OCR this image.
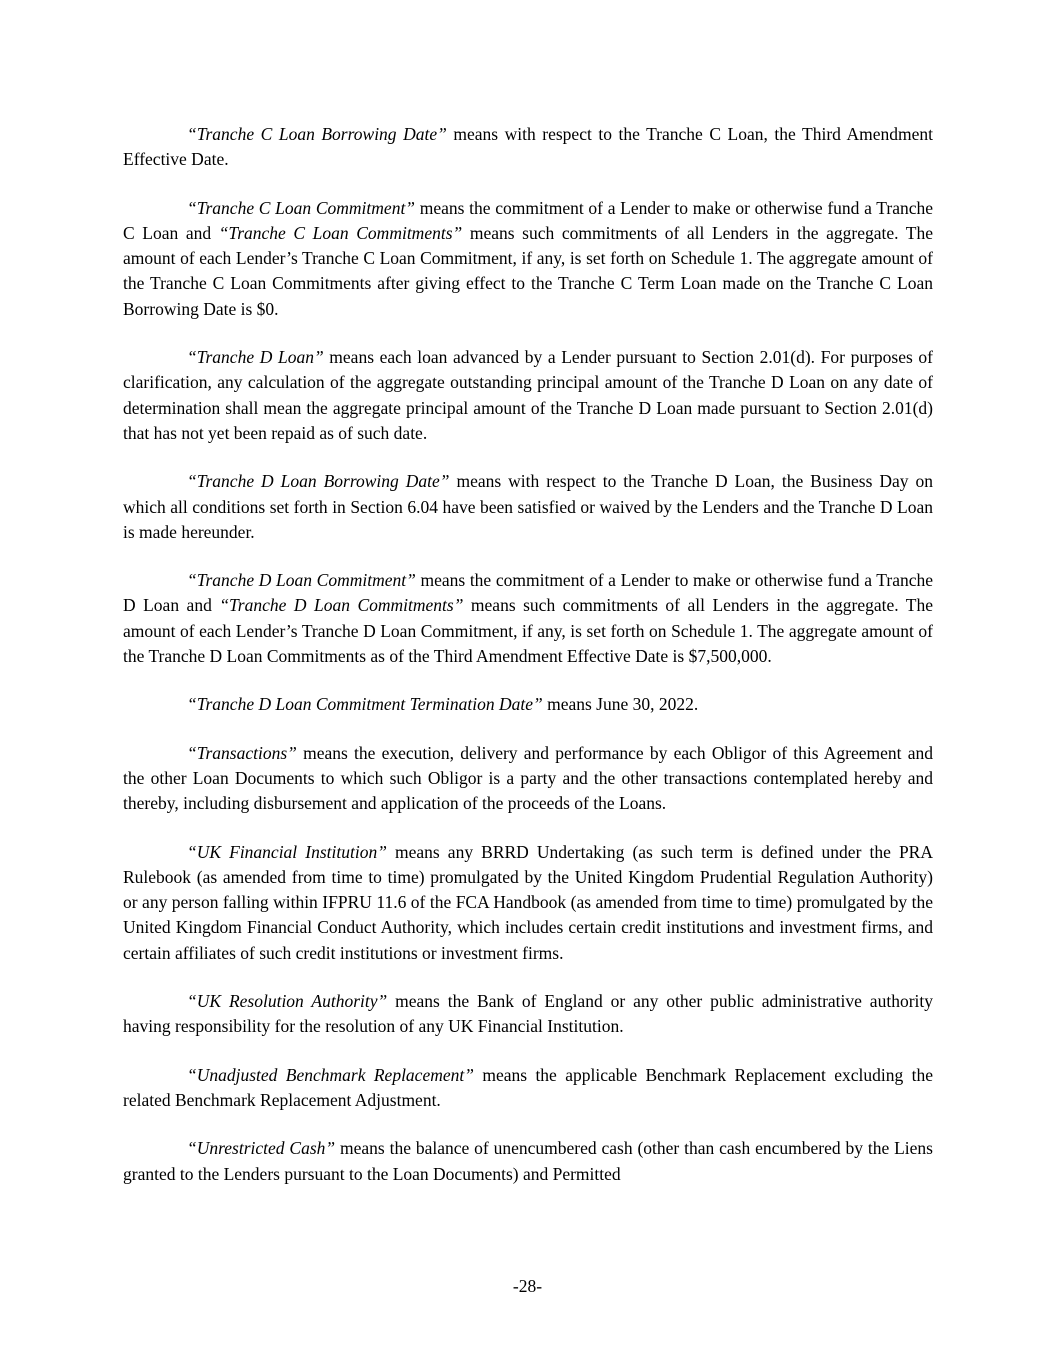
“Tranche C Loan Borrowing Date” means with respect to the Tranche C Loan, the Third Amendment Effective Date.

“Tranche C Loan Commitment” means the commitment of a Lender to make or otherwise fund a Tranche C Loan and “Tranche C Loan Commitments” means such commitments of all Lenders in the aggregate. The amount of each Lender’s Tranche C Loan Commitment, if any, is set forth on Schedule 1. The aggregate amount of the Tranche C Loan Commitments after giving effect to the Tranche C Term Loan made on the Tranche C Loan Borrowing Date is $0.

“Tranche D Loan” means each loan advanced by a Lender pursuant to Section 2.01(d). For purposes of clarification, any calculation of the aggregate outstanding principal amount of the Tranche D Loan on any date of determination shall mean the aggregate principal amount of the Tranche D Loan made pursuant to Section 2.01(d) that has not yet been repaid as of such date.

“Tranche D Loan Borrowing Date” means with respect to the Tranche D Loan, the Business Day on which all conditions set forth in Section 6.04 have been satisfied or waived by the Lenders and the Tranche D Loan is made hereunder.

“Tranche D Loan Commitment” means the commitment of a Lender to make or otherwise fund a Tranche D Loan and “Tranche D Loan Commitments” means such commitments of all Lenders in the aggregate. The amount of each Lender’s Tranche D Loan Commitment, if any, is set forth on Schedule 1. The aggregate amount of the Tranche D Loan Commitments as of the Third Amendment Effective Date is $7,500,000.

“Tranche D Loan Commitment Termination Date” means June 30, 2022.

“Transactions” means the execution, delivery and performance by each Obligor of this Agreement and the other Loan Documents to which such Obligor is a party and the other transactions contemplated hereby and thereby, including disbursement and application of the proceeds of the Loans.

“UK Financial Institution” means any BRRD Undertaking (as such term is defined under the PRA Rulebook (as amended from time to time) promulgated by the United Kingdom Prudential Regulation Authority) or any person falling within IFPRU 11.6 of the FCA Handbook (as amended from time to time) promulgated by the United Kingdom Financial Conduct Authority, which includes certain credit institutions and investment firms, and certain affiliates of such credit institutions or investment firms.

“UK Resolution Authority” means the Bank of England or any other public administrative authority having responsibility for the resolution of any UK Financial Institution.

“Unadjusted Benchmark Replacement” means the applicable Benchmark Replacement excluding the related Benchmark Replacement Adjustment.

“Unrestricted Cash” means the balance of unencumbered cash (other than cash encumbered by the Liens granted to the Lenders pursuant to the Loan Documents) and Permitted

-28-
